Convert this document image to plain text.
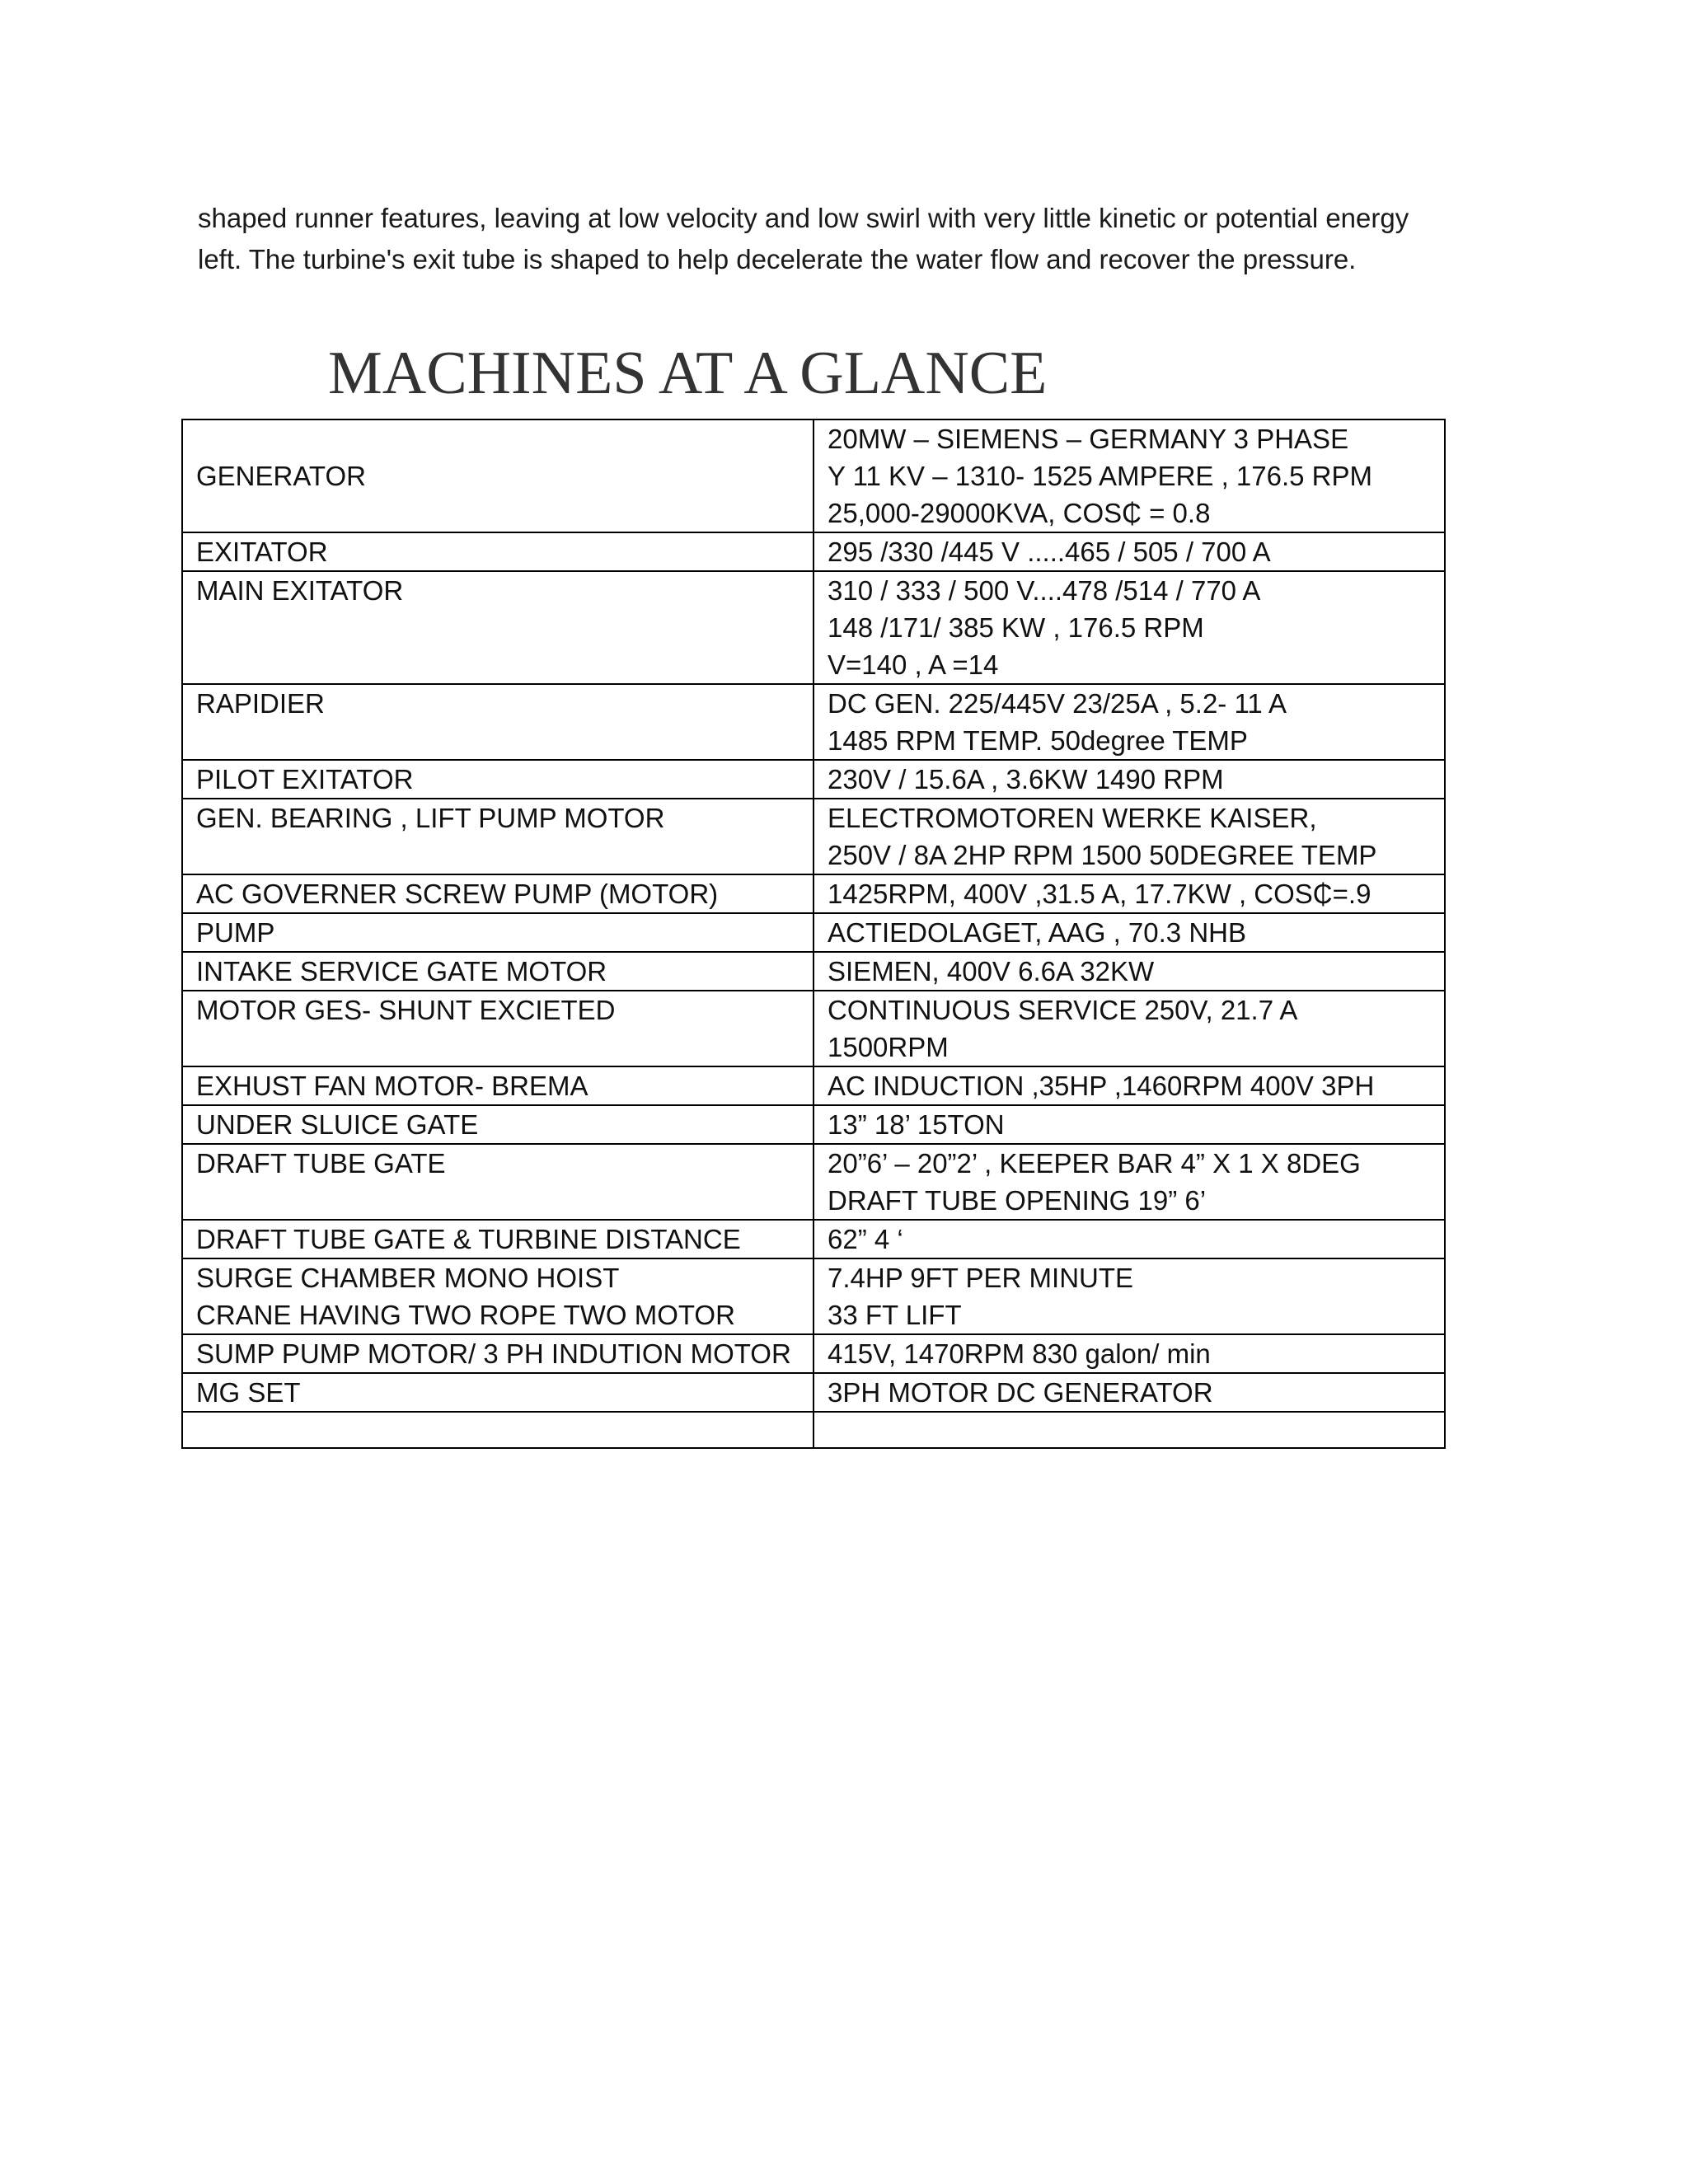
shaped runner features, leaving at low velocity and low swirl with very little kinetic or potential energy
left. The turbine's exit tube is shaped to help decelerate the water flow and recover the pressure.
MACHINES AT A GLANCE
GENERATOR	20MW – SIEMENS – GERMANY 3 PHASE
Y 11 KV – 1310- 1525 AMPERE , 176.5 RPM
25,000-29000KVA, COS₵ = 0.8

EXITATOR	295 /330 /445 V .....465 / 505 / 700 A

MAIN EXITATOR	310 / 333 / 500 V....478 /514 / 770 A
148 /171/ 385 KW , 176.5 RPM
V=140 , A =14

RAPIDIER	DC GEN. 225/445V 23/25A , 5.2- 11 A
1485 RPM TEMP. 50degree TEMP

PILOT EXITATOR	230V / 15.6A , 3.6KW 1490 RPM

GEN. BEARING , LIFT PUMP MOTOR	ELECTROMOTOREN WERKE KAISER,
250V / 8A 2HP RPM 1500 50DEGREE TEMP

AC GOVERNER SCREW PUMP (MOTOR)	1425RPM, 400V ,31.5 A, 17.7KW , COS₵=.9

PUMP	ACTIEDOLAGET, AAG , 70.3 NHB

INTAKE SERVICE GATE MOTOR	SIEMEN, 400V 6.6A 32KW

MOTOR GES- SHUNT EXCIETED	CONTINUOUS SERVICE 250V, 21.7 A
1500RPM

EXHUST FAN MOTOR- BREMA	AC INDUCTION ,35HP ,1460RPM 400V 3PH

UNDER SLUICE GATE	13” 18’ 15TON

DRAFT TUBE GATE	20”6’ – 20”2’ , KEEPER BAR 4” X 1 X 8DEG
DRAFT TUBE OPENING 19” 6’

DRAFT TUBE GATE & TURBINE DISTANCE	62” 4 ‘

SURGE CHAMBER MONO HOIST
CRANE HAVING TWO ROPE TWO MOTOR	7.4HP 9FT PER MINUTE
33 FT LIFT

SUMP PUMP MOTOR/ 3 PH INDUTION MOTOR	415V, 1470RPM 830 galon/ min

MG SET	3PH MOTOR DC GENERATOR
